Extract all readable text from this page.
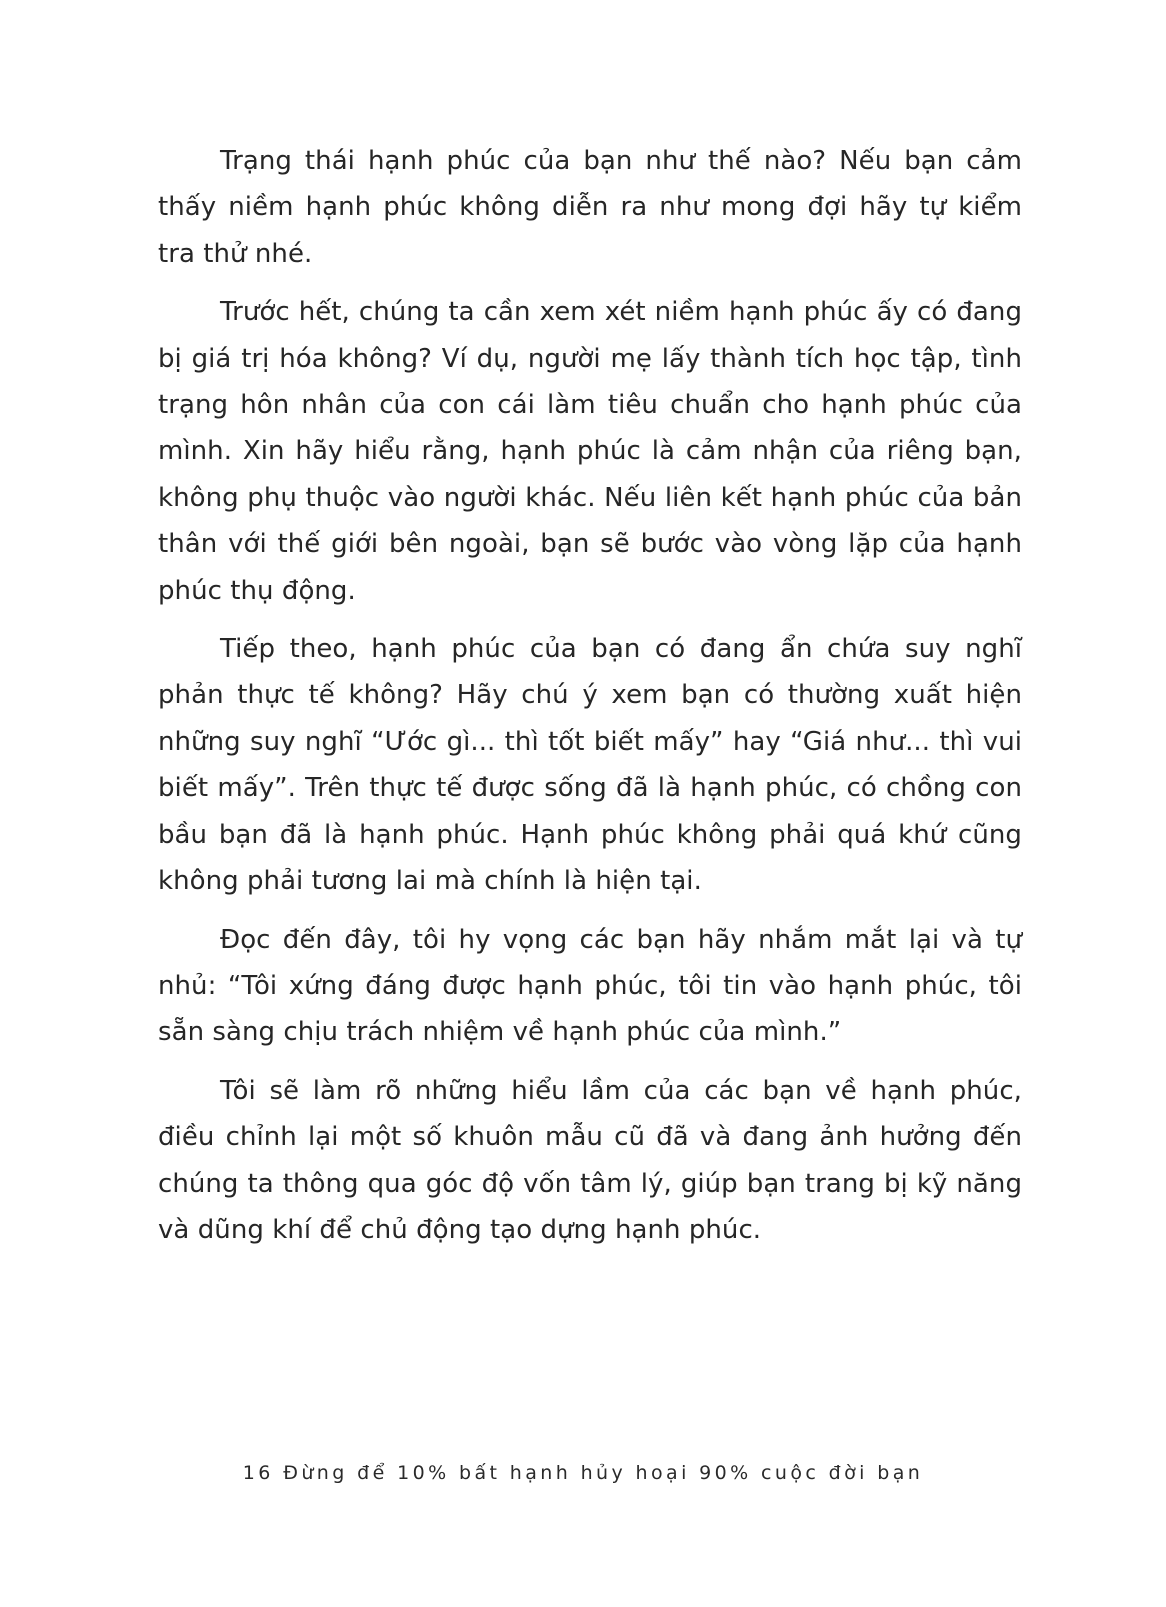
Trạng thái hạnh phúc của bạn như thế nào? Nếu bạn cảm thấy niềm hạnh phúc không diễn ra như mong đợi hãy tự kiểm tra thử nhé.

Trước hết, chúng ta cần xem xét niềm hạnh phúc ấy có đang bị giá trị hóa không? Ví dụ, người mẹ lấy thành tích học tập, tình trạng hôn nhân của con cái làm tiêu chuẩn cho hạnh phúc của mình. Xin hãy hiểu rằng, hạnh phúc là cảm nhận của riêng bạn, không phụ thuộc vào người khác. Nếu liên kết hạnh phúc của bản thân với thế giới bên ngoài, bạn sẽ bước vào vòng lặp của hạnh phúc thụ động.

Tiếp theo, hạnh phúc của bạn có đang ẩn chứa suy nghĩ phản thực tế không? Hãy chú ý xem bạn có thường xuất hiện những suy nghĩ “Ước gì... thì tốt biết mấy” hay “Giá như... thì vui biết mấy”. Trên thực tế được sống đã là hạnh phúc, có chồng con bầu bạn đã là hạnh phúc. Hạnh phúc không phải quá khứ cũng không phải tương lai mà chính là hiện tại.

Đọc đến đây, tôi hy vọng các bạn hãy nhắm mắt lại và tự nhủ: “Tôi xứng đáng được hạnh phúc, tôi tin vào hạnh phúc, tôi sẵn sàng chịu trách nhiệm về hạnh phúc của mình.”

Tôi sẽ làm rõ những hiểu lầm của các bạn về hạnh phúc, điều chỉnh lại một số khuôn mẫu cũ đã và đang ảnh hưởng đến chúng ta thông qua góc độ vốn tâm lý, giúp bạn trang bị kỹ năng và dũng khí để chủ động tạo dựng hạnh phúc.

16 Đừng để 10% bất hạnh hủy hoại 90% cuộc đời bạn
